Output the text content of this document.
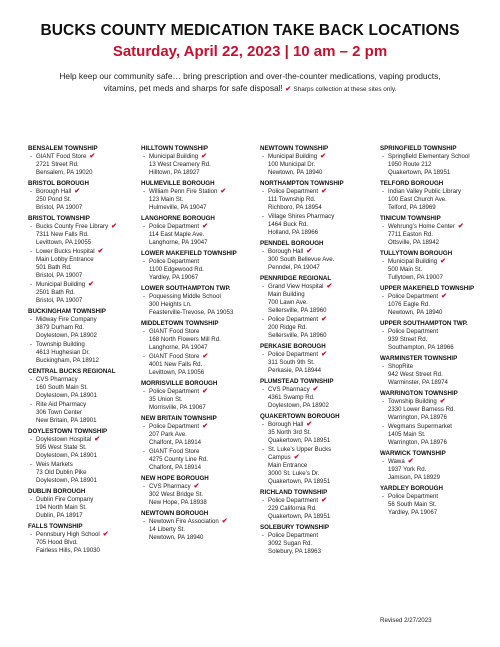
BUCKS COUNTY MEDICATION TAKE BACK LOCATIONS
Saturday, April 22, 2023 | 10 am – 2 pm
Help keep our community safe… bring prescription and over-the-counter medications, vaping products,
vitamins, pet meds and sharps for safe disposal! ✔ Sharps collection at these sites only.
BENSALEM TOWNSHIP
- GIANT Food Store ✔
2721 Street Rd.
Bensalem, PA 19020
BRISTOL BOROUGH
- Borough Hall ✔
250 Pond St.
Bristol, PA 19007
BRISTOL TOWNSHIP
- Bucks County Free Library ✔
7311 New Falls Rd.
Levittown, PA 19055
- Lower Bucks Hospital ✔
Main Lobby Entrance
501 Bath Rd.
Bristol, PA 19007
- Municipal Building ✔
2501 Bath Rd.
Bristol, PA 19007
BUCKINGHAM TOWNSHIP
- Midway Fire Company
3879 Durham Rd.
Doylestown, PA 18902
- Township Building
4613 Hughesian Dr.
Buckingham, PA 18912
CENTRAL BUCKS REGIONAL
- CVS Pharmacy
160 South Main St.
Doylestown, PA 18901
- Rite Aid Pharmacy
306 Town Center
New Britain, PA 18901
DOYLESTOWN TOWNSHIP
- Doylestown Hospital ✔
595 West State St.
Doylestown, PA 18901
- Weis Markets
73 Old Dublin Pike
Doylestown, PA 18901
DUBLIN BOROUGH
- Dublin Fire Company
194 North Main St.
Dublin, PA 18917
FALLS TOWNSHIP
- Pennsbury High School ✔
705 Hood Blvd.
Fairless Hills, PA 19030
HILLTOWN TOWNSHIP
- Municipal Building ✔
13 West Creamery Rd.
Hilltown, PA 18927
HULMEVILLE BOROUGH
- William Penn Fire Station ✔
123 Main St.
Hulmeville, PA 19047
LANGHORNE BOROUGH
- Police Department ✔
114 East Maple Ave.
Langhorne, PA 19047
LOWER MAKEFIELD TOWNSHIP
- Police Department
1100 Edgewood Rd.
Yardley, PA 19067
LOWER SOUTHAMPTON TWP.
- Poquessing Middle School
300 Heights Ln.
Feasterville-Trevose, PA 19053
MIDDLETOWN TOWNSHIP
- GIANT Food Store
168 North Flowers Mill Rd.
Langhorne, PA 19047
- GIANT Food Store ✔
4001 New Falls Rd.
Levittown, PA 19056
MORRISVILLE BOROUGH
- Police Department ✔
35 Union St.
Morrisville, PA 19067
NEW BRITAIN TOWNSHIP
- Police Department ✔
207 Park Ave.
Chalfont, PA 18914
- GIANT Food Store
4275 County Line Rd.
Chalfont, PA 18914
NEW HOPE BOROUGH
- CVS Pharmacy ✔
302 West Bridge St.
New Hope, PA 18938
NEWTOWN BOROUGH
- Newtown Fire Association ✔
14 Liberty St.
Newtown, PA 18940
NEWTOWN TOWNSHIP
- Municipal Building ✔
100 Municipal Dr.
Newtown, PA 18940
NORTHAMPTON TOWNSHIP
- Police Department ✔
111 Township Rd.
Richboro, PA 18954
- Village Shires Pharmacy
1464 Buck Rd.
Holland, PA 18966
PENNDEL BOROUGH
- Borough Hall ✔
300 South Bellevue Ave.
Penndel, PA 19047
PENNRIDGE REGIONAL
- Grand View Hospital ✔
Main Building
700 Lawn Ave.
Sellersville, PA 18960
- Police Department ✔
200 Ridge Rd.
Sellersville, PA 18960
PERKASIE BOROUGH
- Police Department ✔
311 South 9th St.
Perkasie, PA 18944
PLUMSTEAD TOWNSHIP
- CVS Pharmacy ✔
4361 Swamp Rd.
Doylestown, PA 18902
QUAKERTOWN BOROUGH
- Borough Hall ✔
35 North 3rd St.
Quakertown, PA 18951
- St. Luke’s Upper Bucks
Campus ✔
Main Entrance
3000 St. Luke’s Dr.
Quakertown, PA 18951
RICHLAND TOWNSHIP
- Police Department ✔
229 California Rd.
Quakertown, PA 18951
SOLEBURY TOWNSHIP
- Police Department
3092 Sugan Rd.
Solebury, PA 18963
SPRINGFIELD TOWNSHIP
- Springfield Elementary School
1950 Route 212
Quakertown, PA 18951
TELFORD BOROUGH
- Indian Valley Public Library
100 East Church Ave.
Telford, PA 18969
TINICUM TOWNSHIP
- Wehrung’s Home Center ✔
7711 Easton Rd.
Ottsville, PA 18942
TULLYTOWN BOROUGH
- Municipal Building ✔
500 Main St.
Tullytown, PA 19007
UPPER MAKEFIELD TOWNSHIP
- Police Department ✔
1076 Eagle Rd.
Newtown, PA 18940
UPPER SOUTHAMPTON TWP.
- Police Department
939 Street Rd.
Southampton, PA 18966
WARMINSTER TOWNSHIP
- ShopRite
942 West Street Rd.
Warminster, PA 18974
WARRINGTON TOWNSHIP
- Township Building ✔
2330 Lower Barness Rd.
Warrington, PA 18976
- Wegmans Supermarket
1405 Main St.
Warrington, PA 18976
WARWICK TOWNSHIP
- Wawa ✔
1937 York Rd.
Jamison, PA 18929
YARDLEY BOROUGH
- Police Department
56 South Main St.
Yardley, PA 19067
Revised 2/27/2023
